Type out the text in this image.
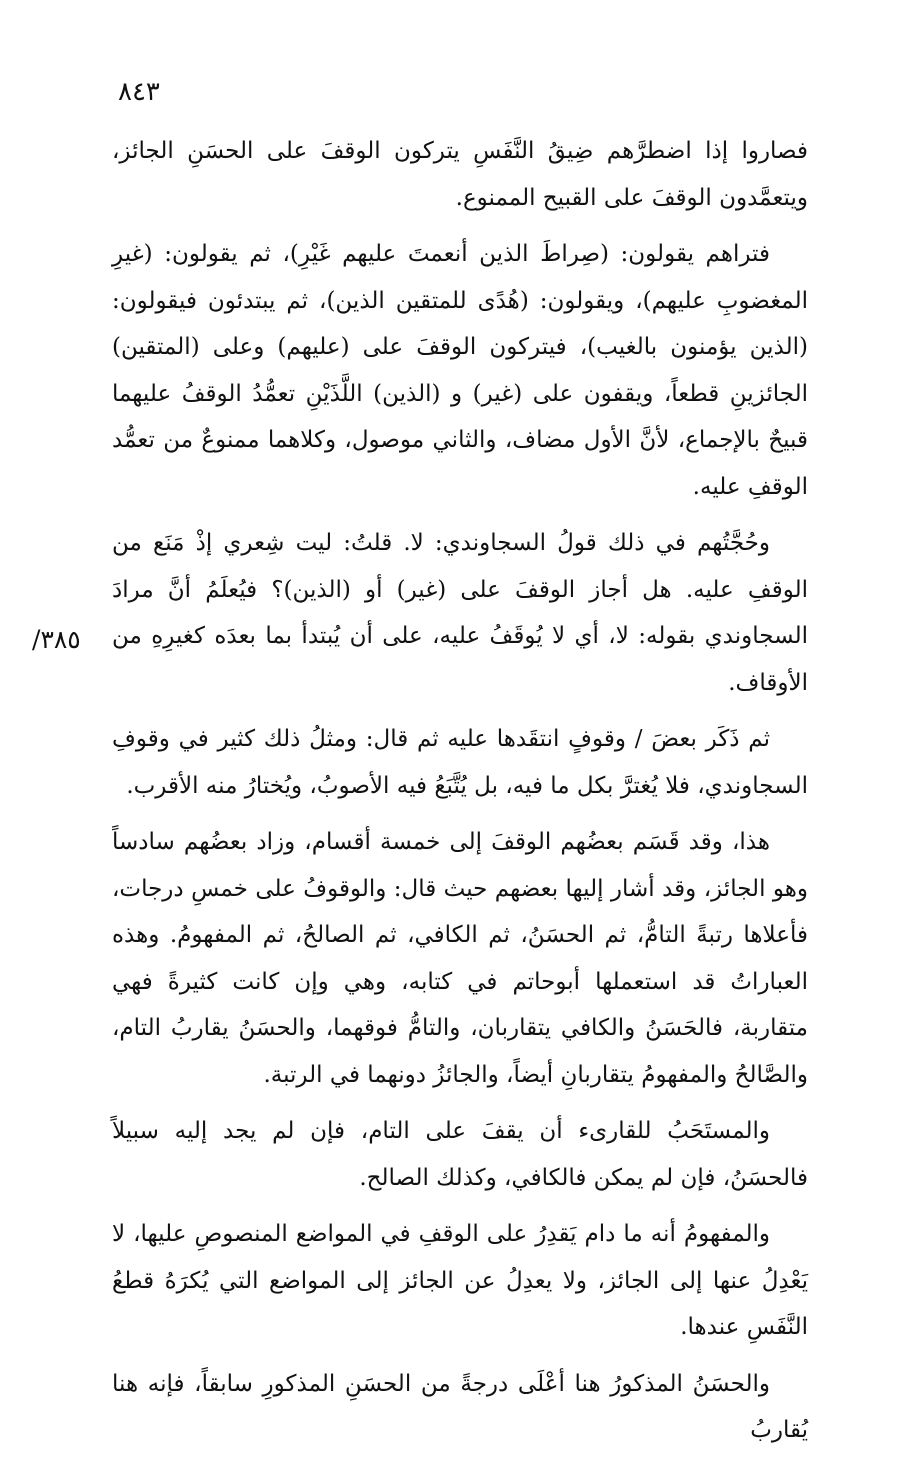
٨٤٣
/٣٨٥

فصاروا إذا اضطرَّهم ضِيقُ النَّفَسِ يتركون الوقفَ على الحسَنِ الجائز، ويتعمَّدون الوقفَ على القبيح الممنوع.

فتراهم يقولون: (صِراطَ الذين أنعمتَ عليهم غَيْرِ)، ثم يقولون: (غيرِ المغضوبِ عليهم)، ويقولون: (هُدًى للمتقين الذين)، ثم يبتدئون فيقولون: (الذين يؤمنون بالغيب)، فيتركون الوقفَ على (عليهم) وعلى (المتقين) الجائزينِ قطعاً، ويقفون على (غير) و (الذين) اللَّذَيْنِ تعمُّدُ الوقفُ عليهما قبيحٌ بالإجماع، لأنَّ الأول مضاف، والثاني موصول، وكلاهما ممنوعٌ من تعمُّد الوقفِ عليه.

وحُجَّتُهم في ذلك قولُ السجاوندي: لا. قلتُ: ليت شِعري إذْ مَنَع من الوقفِ عليه. هل أجاز الوقفَ على (غير) أو (الذين)؟ فيُعلَمُ أنَّ مرادَ السجاوندي بقوله: لا، أي لا يُوقَفُ عليه، على أن يُبتدأ بما بعدَه كغيرِهِ من الأوقاف.

ثم ذَكَر بعضَ / وقوفٍ انتقَدها عليه ثم قال: ومثلُ ذلك كثير في وقوفِ السجاوندي، فلا يُغترَّ بكل ما فيه، بل يُتَّبَعُ فيه الأصوبُ، ويُختارُ منه الأقرب.

هذا، وقد قَسَم بعضُهم الوقفَ إلى خمسة أقسام، وزاد بعضُهم سادساً وهو الجائز، وقد أشار إليها بعضهم حيث قال: والوقوفُ على خمسِ درجات، فأعلاها رتبةً التامُّ، ثم الحسَنُ، ثم الكافي، ثم الصالحُ، ثم المفهومُ. وهذه العباراتُ قد استعملها أبوحاتم في كتابه، وهي وإن كانت كثيرةً فهي متقاربة، فالحَسَنُ والكافي يتقاربان، والتامُّ فوقهما، والحسَنُ يقاربُ التام، والصَّالحُ والمفهومُ يتقاربانِ أيضاً، والجائزُ دونهما في الرتبة.

والمستَحَبُ للقارىء أن يقفَ على التام، فإن لم يجد إليه سبيلاً فالحسَنُ، فإن لم يمكن فالكافي، وكذلك الصالح.

والمفهومُ أنه ما دام يَقدِرُ على الوقفِ في المواضع المنصوصِ عليها، لا يَعْدِلُ عنها إلى الجائز، ولا يعدِلُ عن الجائز إلى المواضع التي يُكرَهُ قطعُ النَّفَسِ عندها.

والحسَنُ المذكورُ هنا أعْلَى درجةً من الحسَنِ المذكورِ سابقاً، فإنه هنا يُقاربُ
